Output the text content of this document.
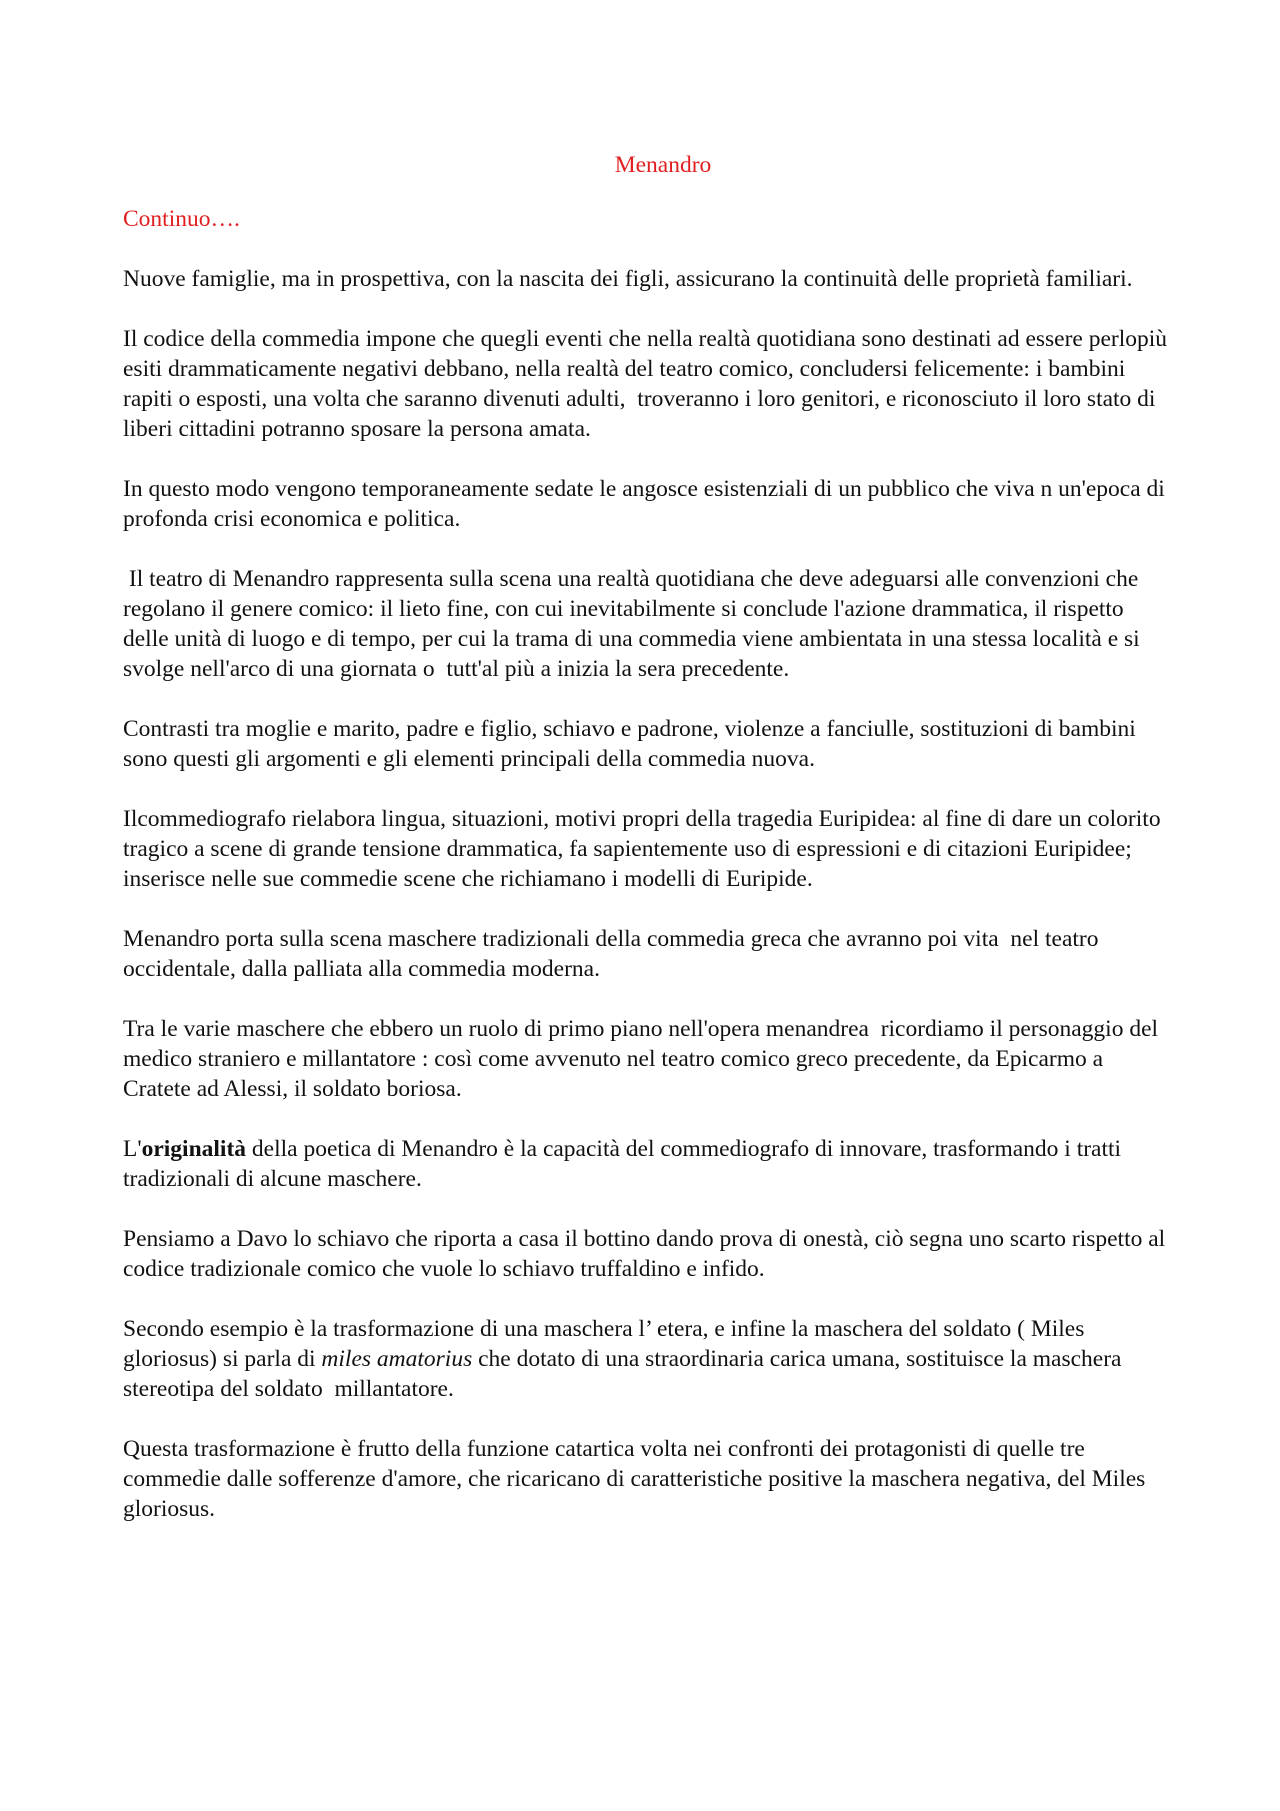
Menandro
Continuo….

Nuove famiglie, ma in prospettiva, con la nascita dei figli, assicurano la continuità delle proprietà familiari.

Il codice della commedia impone che quegli eventi che nella realtà quotidiana sono destinati ad essere perlopiù esiti drammaticamente negativi debbano, nella realtà del teatro comico, concludersi felicemente: i bambini rapiti o esposti, una volta che saranno divenuti adulti,  troveranno i loro genitori, e riconosciuto il loro stato di liberi cittadini potranno sposare la persona amata.

In questo modo vengono temporaneamente sedate le angosce esistenziali di un pubblico che viva n un'epoca di profonda crisi economica e politica.

Il teatro di Menandro rappresenta sulla scena una realtà quotidiana che deve adeguarsi alle convenzioni che regolano il genere comico: il lieto fine, con cui inevitabilmente si conclude l'azione drammatica, il rispetto delle unità di luogo e di tempo, per cui la trama di una commedia viene ambientata in una stessa località e si svolge nell'arco di una giornata o  tutt'al più a inizia la sera precedente.

Contrasti tra moglie e marito, padre e figlio, schiavo e padrone, violenze a fanciulle, sostituzioni di bambini sono questi gli argomenti e gli elementi principali della commedia nuova.

Ilcommediografo rielabora lingua, situazioni, motivi propri della tragedia Euripidea: al fine di dare un colorito tragico a scene di grande tensione drammatica, fa sapientemente uso di espressioni e di citazioni Euripidee; inserisce nelle sue commedie scene che richiamano i modelli di Euripide.

Menandro porta sulla scena maschere tradizionali della commedia greca che avranno poi vita  nel teatro occidentale, dalla palliata alla commedia moderna.

Tra le varie maschere che ebbero un ruolo di primo piano nell'opera menandrea  ricordiamo il personaggio del medico straniero e millantatore : così come avvenuto nel teatro comico greco precedente, da Epicarmo a Cratete ad Alessi, il soldato boriosa.

L'originalità della poetica di Menandro è la capacità del commediografo di innovare, trasformando i tratti tradizionali di alcune maschere.

Pensiamo a Davo lo schiavo che riporta a casa il bottino dando prova di onestà, ciò segna uno scarto rispetto al codice tradizionale comico che vuole lo schiavo truffaldino e infido.

Secondo esempio è la trasformazione di una maschera l’ etera, e infine la maschera del soldato ( Miles gloriosus) si parla di miles amatorius che dotato di una straordinaria carica umana, sostituisce la maschera stereotipa del soldato  millantatore.

Questa trasformazione è frutto della funzione catartica volta nei confronti dei protagonisti di quelle tre commedie dalle sofferenze d'amore, che ricaricano di caratteristiche positive la maschera negativa, del Miles gloriosus.
